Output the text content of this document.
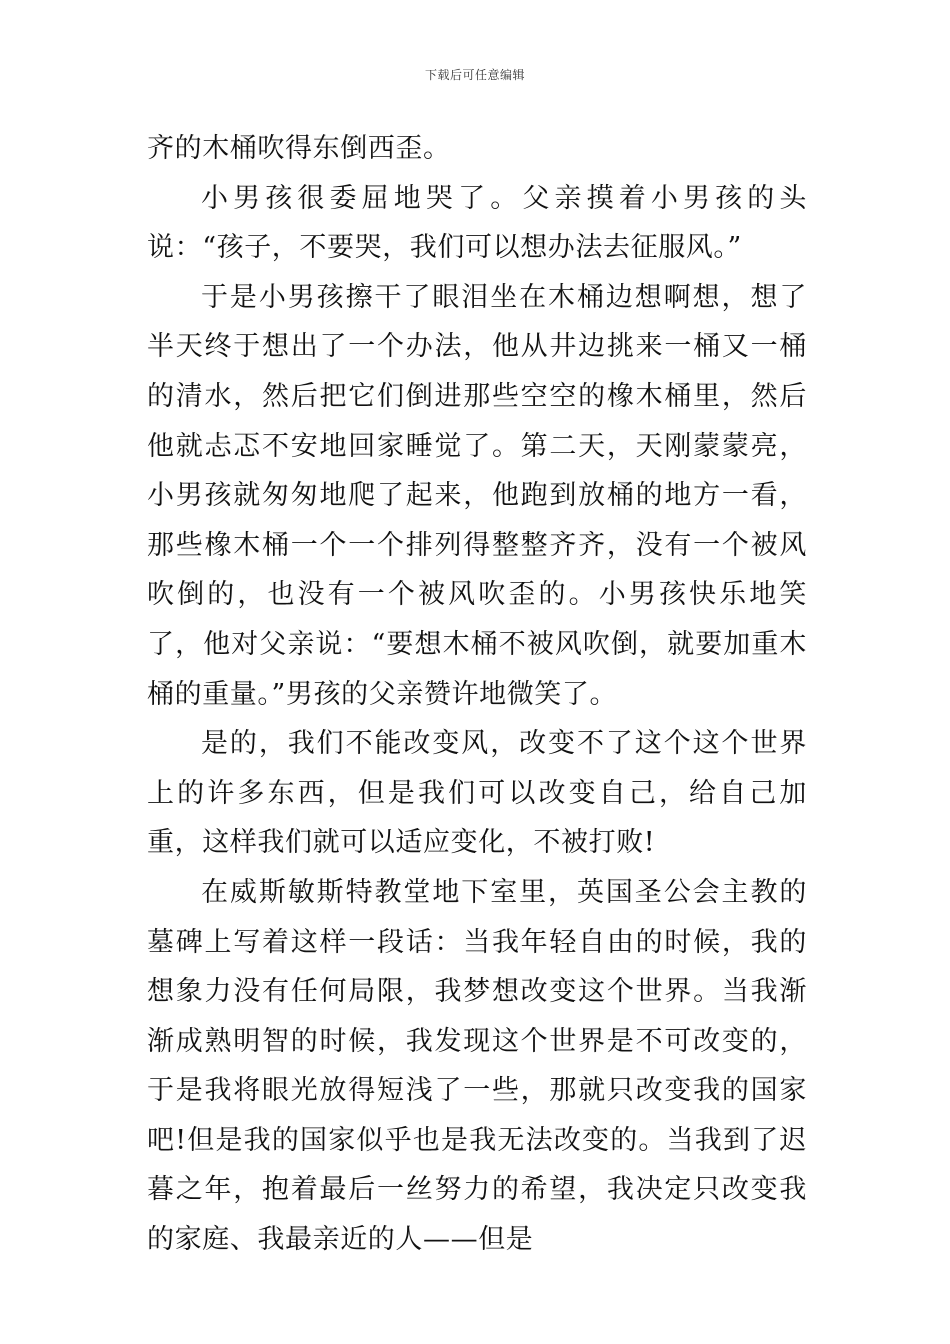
下载后可任意编辑

齐的木桶吹得东倒西歪。

小男孩很委屈地哭了。父亲摸着小男孩的头说：“孩子，不要哭，我们可以想办法去征服风。”

于是小男孩擦干了眼泪坐在木桶边想啊想，想了半天终于想出了一个办法，他从井边挑来一桶又一桶的清水，然后把它们倒进那些空空的橡木桶里，然后他就忐忑不安地回家睡觉了。第二天，天刚蒙蒙亮，小男孩就匆匆地爬了起来，他跑到放桶的地方一看，那些橡木桶一个一个排列得整整齐齐，没有一个被风吹倒的，也没有一个被风吹歪的。小男孩快乐地笑了，他对父亲说：“要想木桶不被风吹倒，就要加重木桶的重量。”男孩的父亲赞许地微笑了。

是的，我们不能改变风，改变不了这个这个世界上的许多东西，但是我们可以改变自己，给自己加重，这样我们就可以适应变化，不被打败!

在威斯敏斯特教堂地下室里，英国圣公会主教的墓碑上写着这样一段话：当我年轻自由的时候，我的想象力没有任何局限，我梦想改变这个世界。当我渐渐成熟明智的时候，我发现这个世界是不可改变的，于是我将眼光放得短浅了一些，那就只改变我的国家吧!但是我的国家似乎也是我无法改变的。当我到了迟暮之年，抱着最后一丝努力的希望，我决定只改变我的家庭、我最亲近的人——但是
